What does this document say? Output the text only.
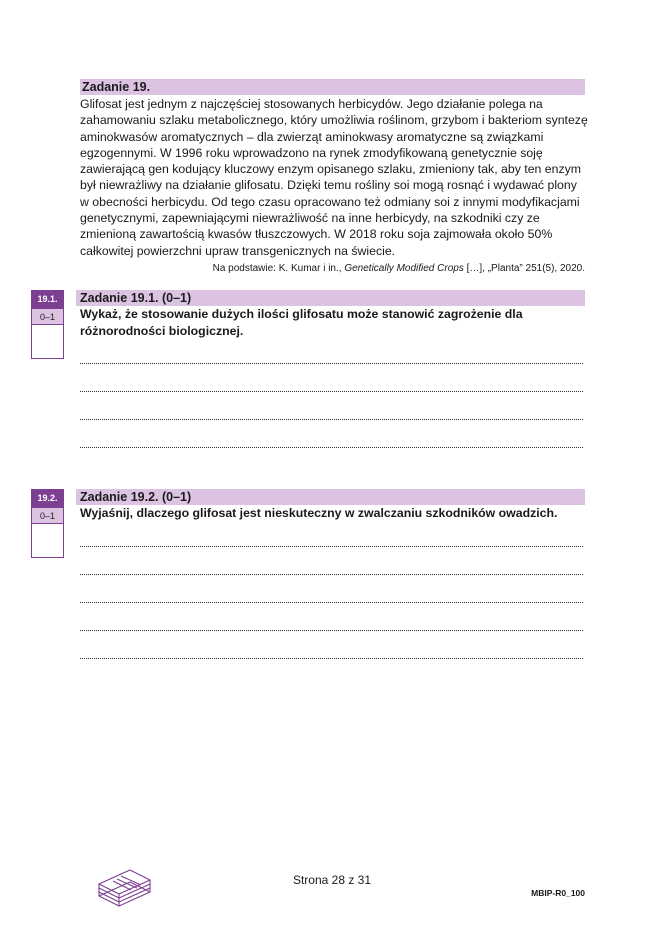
Zadanie 19.
Glifosat jest jednym z najczęściej stosowanych herbicydów. Jego działanie polega na
zahamowaniu szlaku metabolicznego, który umożliwia roślinom, grzybom i bakteriom syntezę
aminokwasów aromatycznych – dla zwierząt aminokwasy aromatyczne są związkami
egzogennymi. W 1996 roku wprowadzono na rynek zmodyfikowaną genetycznie soję
zawierającą gen kodujący kluczowy enzym opisanego szlaku, zmieniony tak, aby ten enzym
był niewrażliwy na działanie glifosatu. Dzięki temu rośliny soi mogą rosnąć i wydawać plony
w obecności herbicydu. Od tego czasu opracowano też odmiany soi z innymi modyfikacjami
genetycznymi, zapewniającymi niewrażliwość na inne herbicydy, na szkodniki czy ze
zmienioną zawartością kwasów tłuszczowych. W 2018 roku soja zajmowała około 50%
całkowitej powierzchni upraw transgenicznych na świecie.
Na podstawie: K. Kumar i in., Genetically Modified Crops […], „Planta” 251(5), 2020.
19.1.
0–1
Zadanie 19.1. (0–1)
Wykaż, że stosowanie dużych ilości glifosatu może stanowić zagrożenie dla
różnorodności biologicznej.
19.2.
0–1
Zadanie 19.2. (0–1)
Wyjaśnij, dlaczego glifosat jest nieskuteczny w zwalczaniu szkodników owadzich.
Strona 28 z 31
MBIP-R0_100
